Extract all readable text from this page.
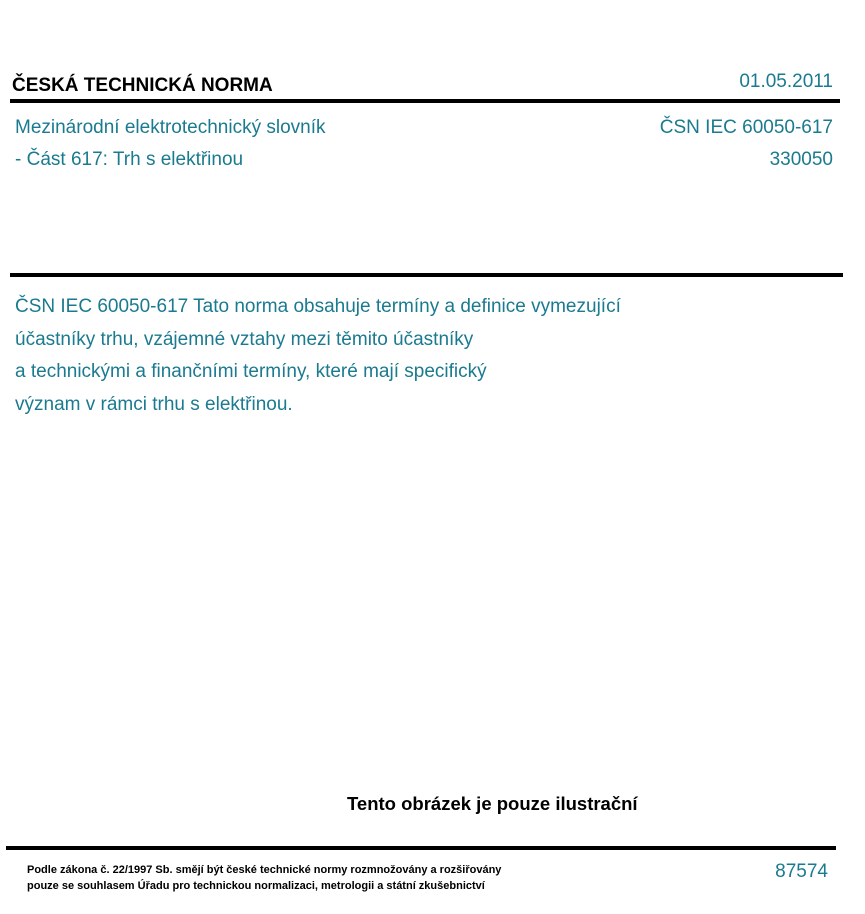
ČESKÁ TECHNICKÁ NORMA	01.05.2011
Mezinárodní elektrotechnický slovník
- Část 617: Trh s elektřinou
ČSN IEC 60050-617
330050
ČSN IEC 60050-617 Tato norma obsahuje termíny a definice vymezující
účastníky trhu, vzájemné vztahy mezi těmito účastníky
a technickými a finančními termíny, které mají specifický
význam v rámci trhu s elektřinou.
Tento obrázek je pouze ilustrační
Podle zákona č. 22/1997 Sb. smějí být české technické normy rozmnožovány a rozšiřovány
pouze se souhlasem Úřadu pro technickou normalizaci, metrologii a státní zkušebnictví
87574
